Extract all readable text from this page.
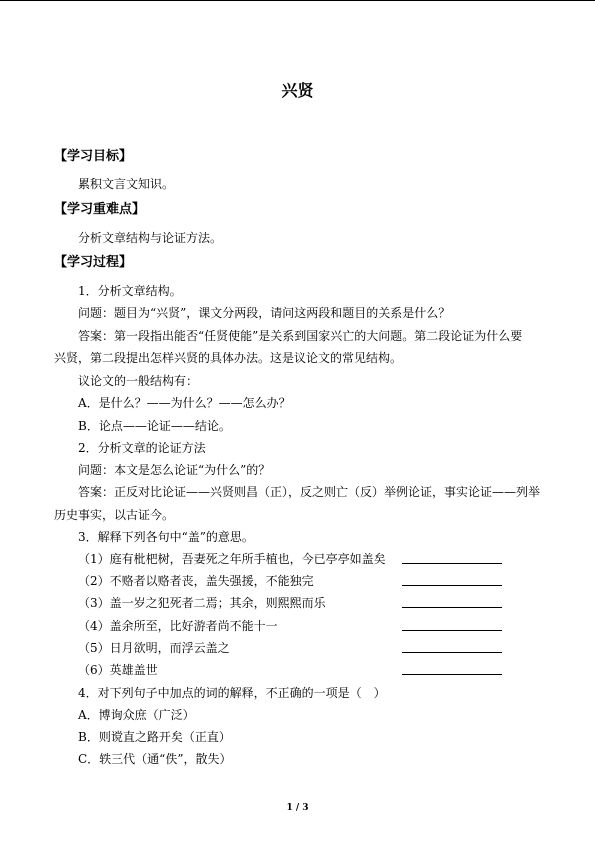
兴贤
【学习目标】
累积文言文知识。
【学习重难点】
分析文章结构与论证方法。
【学习过程】
1．分析文章结构。
问题：题目为“兴贤”，课文分两段，请问这两段和题目的关系是什么？
答案：第一段指出能否“任贤使能”是关系到国家兴亡的大问题。第二段论证为什么要
兴贤，第二段提出怎样兴贤的具体办法。这是议论文的常见结构。
议论文的一般结构有：
A．是什么？——为什么？——怎么办？
B．论点——论证——结论。
2．分析文章的论证方法
问题：本文是怎么论证“为什么”的？
答案：正反对比论证——兴贤则昌（正），反之则亡（反）举例论证，事实论证——列举
历史事实，以古证今。
3．解释下列各句中“盖”的意思。
（1）庭有枇杷树，吾妻死之年所手植也，今已亭亭如盖矣
（2）不赂者以赂者丧，盖失强援，不能独完
（3）盖一岁之犯死者二焉；其余，则熙熙而乐
（4）盖余所至，比好游者尚不能十一
（5）日月欲明，而浮云盖之
（6）英雄盖世
4．对下列句子中加点的词的解释，不正确的一项是（　）
A．博询众庶（广泛）
B．则谠直之路开矣（正直）
C．轶三代（通“佚”，散失）
1 / 3
